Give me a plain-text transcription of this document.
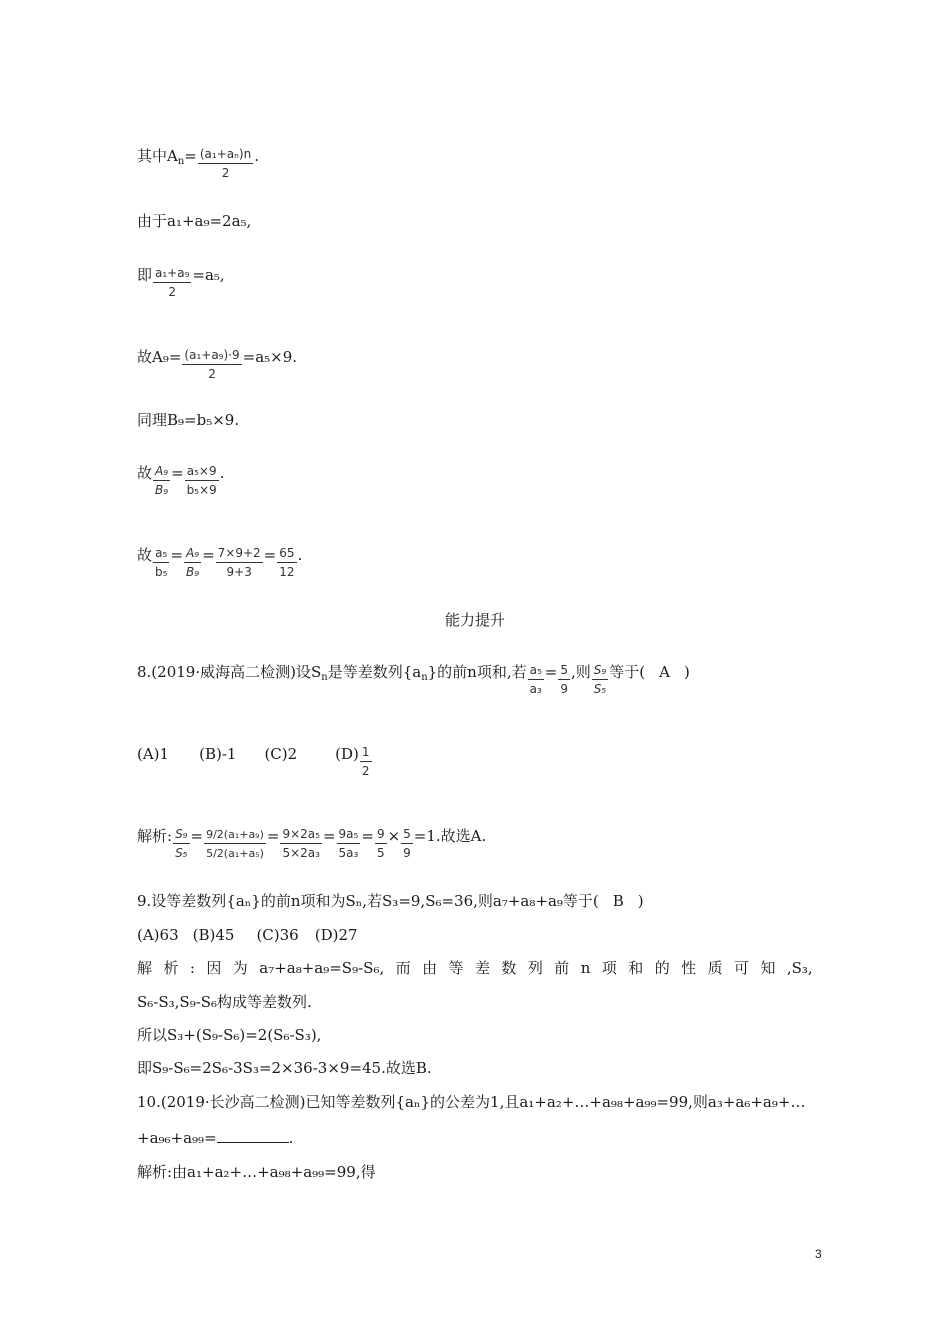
其中$A_n= \frac{\text{(a₁+aₙ)n}}{2}$ .
由于a₁+a₉=2a₅,
即 $\frac{\text{a₁+a₉}}{2} =a_5$,
故$A_9= \frac{\text{(a₁+a₉)·9}}{2} =a_5\times 9$.
同理B₉=b₅×9.
故 $\frac{\text{A₉}}{\text{B₉}} = \frac{\text{a₅×9}}{\text{b₅×9}}$ .
故 $\frac{\text{a₅}}{\text{b₅}} = \frac{\text{A₉}}{\text{B₉}} = \frac{7\times 9+2}{9+3} = \frac{65}{12}$ .
能力提升
8.(2019·威海高二检测)设$S_n$是等差数列$\{a_n\}$的前n项和,若 $\frac{\text{a₅}}{\text{a₃}} = \frac{5}{9}$ ,则 $\frac{\text{S₉}}{\text{S₅}}$ 等于( A )
(A)1 (B)-1 (C)2	$(D) \frac{1}{2}$
解析: $\frac{\text{S₉}}{\text{S₅}} = \frac{\text{9/2(a₁+a₉)}}{\text{5/2(a₁+a₅)}} = \frac{\text{9×2a₅}}{\text{5×2a₃}} = \frac{\text{9a₅}}{\text{5a₃}} = \frac{9}{5} \times \frac{5}{9} =1$.故选A.
9.设等差数列{aₙ}的前n项和为Sₙ,若S₃=9,S₆=36,则a₇+a₈+a₉等于( B )
(A)63 (B)45 (C)36 (D)27
解 析 : 因 为 a₇+a₈+a₉=S₉-S₆, 而 由 等 差 数 列 前 n 项 和 的 性 质 可 知 ,S₃,
S₆-S₃,S₉-S₆构成等差数列.
所以S₃+(S₉-S₆)=2(S₆-S₃),
即S₉-S₆=2S₆-3S₃=2×36-3×9=45.故选B.
10.(2019·长沙高二检测)已知等差数列{aₙ}的公差为1,且a₁+a₂+…+a₉₈+a₉₉=99,则a₃+a₆+a₉+…
+a₉₆+a₉₉=	.
解析:由a₁+a₂+…+a₉₈+a₉₉=99,得
3
